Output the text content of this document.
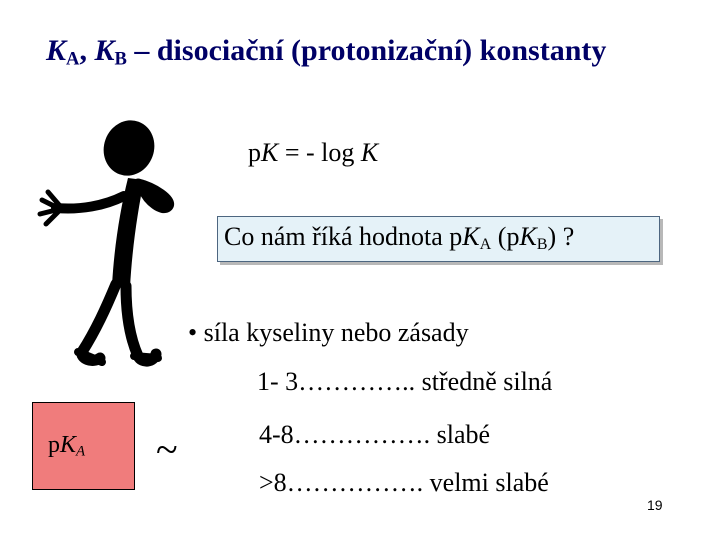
$K_A$, $K_B$ – disociační (protonizační) konstanty
pK = - log K
Co nám říká hodnota $pK_A$ $(pK_B)$ ?
• síla kyseliny nebo zásady
1- 3………….. středně silná
4-8……………. slabé
>8……………. velmi slabé
$pK_A$ ~
19
